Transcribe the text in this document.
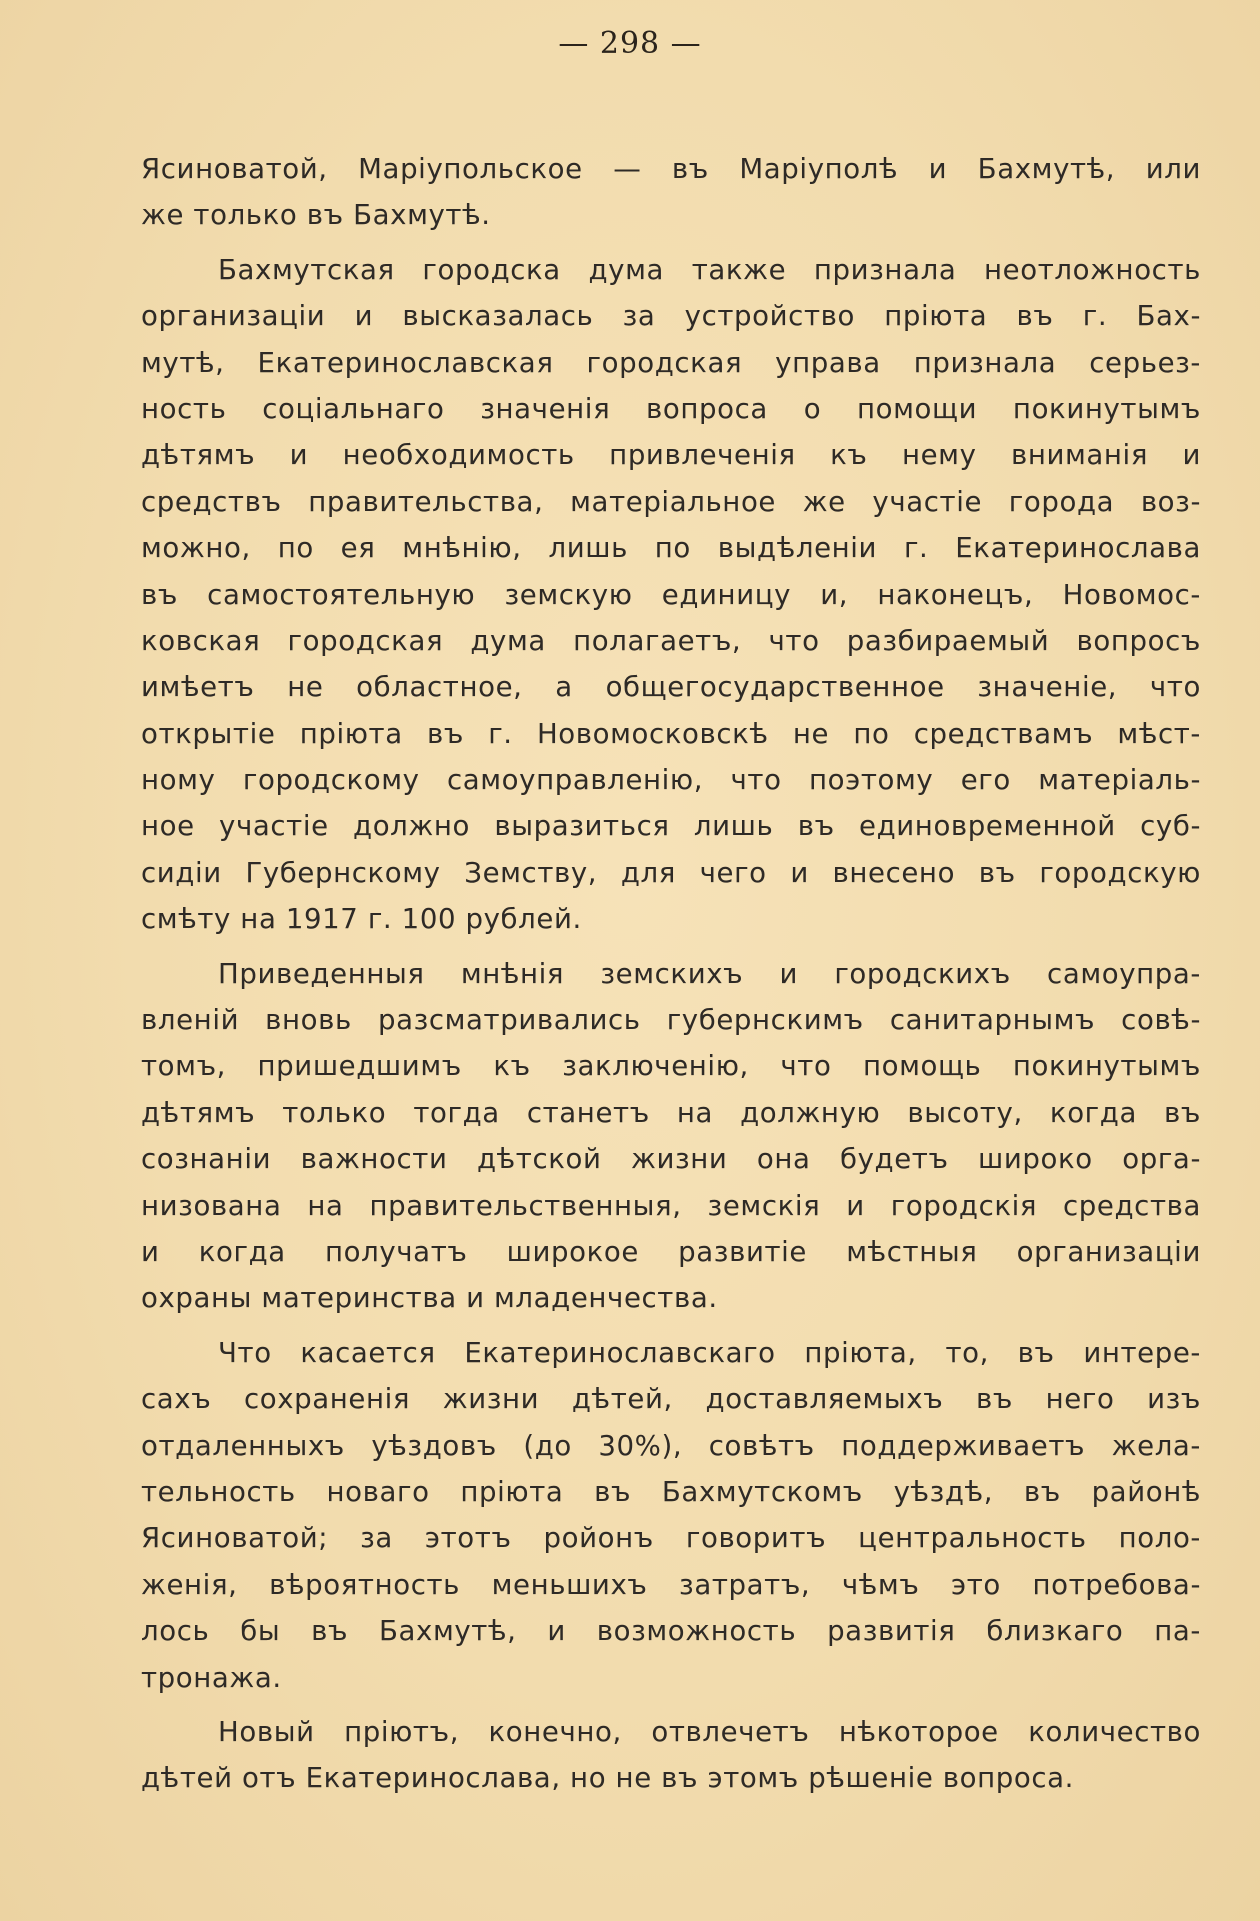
— 298 —

Ясиноватой, Маріупольское — въ Маріуполѣ и Бахмутѣ, или
же только въ Бахмутѣ.

Бахмутская городска дума также признала неотложность
организаціи и высказалась за устройство пріюта въ г. Бах-
мутѣ, Екатеринославская городская управа признала серьез-
ность соціальнаго значенія вопроса о помощи покинутымъ
дѣтямъ и необходимость привлеченія къ нему вниманія и
средствъ правительства, матеріальное же участіе города воз-
можно, по ея мнѣнію, лишь по выдѣленіи г. Екатеринослава
въ самостоятельную земскую единицу и, наконецъ, Новомос-
ковская городская дума полагаетъ, что разбираемый вопросъ
имѣетъ не областное, а общегосударственное значеніе, что
открытіе пріюта въ г. Новомосковскѣ не по средствамъ мѣст-
ному городскому самоуправленію, что поэтому его матеріаль-
ное участіе должно выразиться лишь въ единовременной суб-
сидіи Губернскому Земству, для чего и внесено въ городскую
смѣту на 1917 г. 100 рублей.

Приведенныя мнѣнія земскихъ и городскихъ самоупра-
вленій вновь разсматривались губернскимъ санитарнымъ совѣ-
томъ, пришедшимъ къ заключенію, что помощь покинутымъ
дѣтямъ только тогда станетъ на должную высоту, когда въ
сознаніи важности дѣтской жизни она будетъ широко орга-
низована на правительственныя, земскія и городскія средства
и когда получатъ широкое развитіе мѣстныя организаціи
охраны материнства и младенчества.

Что касается Екатеринославскаго пріюта, то, въ интере-
сахъ сохраненія жизни дѣтей, доставляемыхъ въ него изъ
отдаленныхъ уѣздовъ (до 30%), совѣтъ поддерживаетъ жела-
тельность новаго пріюта въ Бахмутскомъ уѣздѣ, въ районѣ
Ясиноватой; за этотъ ройонъ говоритъ центральность поло-
женія, вѣроятность меньшихъ затратъ, чѣмъ это потребова-
лось бы въ Бахмутѣ, и возможность развитія близкаго па-
тронажа.

Новый пріютъ, конечно, отвлечетъ нѣкоторое количество
дѣтей отъ Екатеринослава, но не въ этомъ рѣшеніе вопроса.
